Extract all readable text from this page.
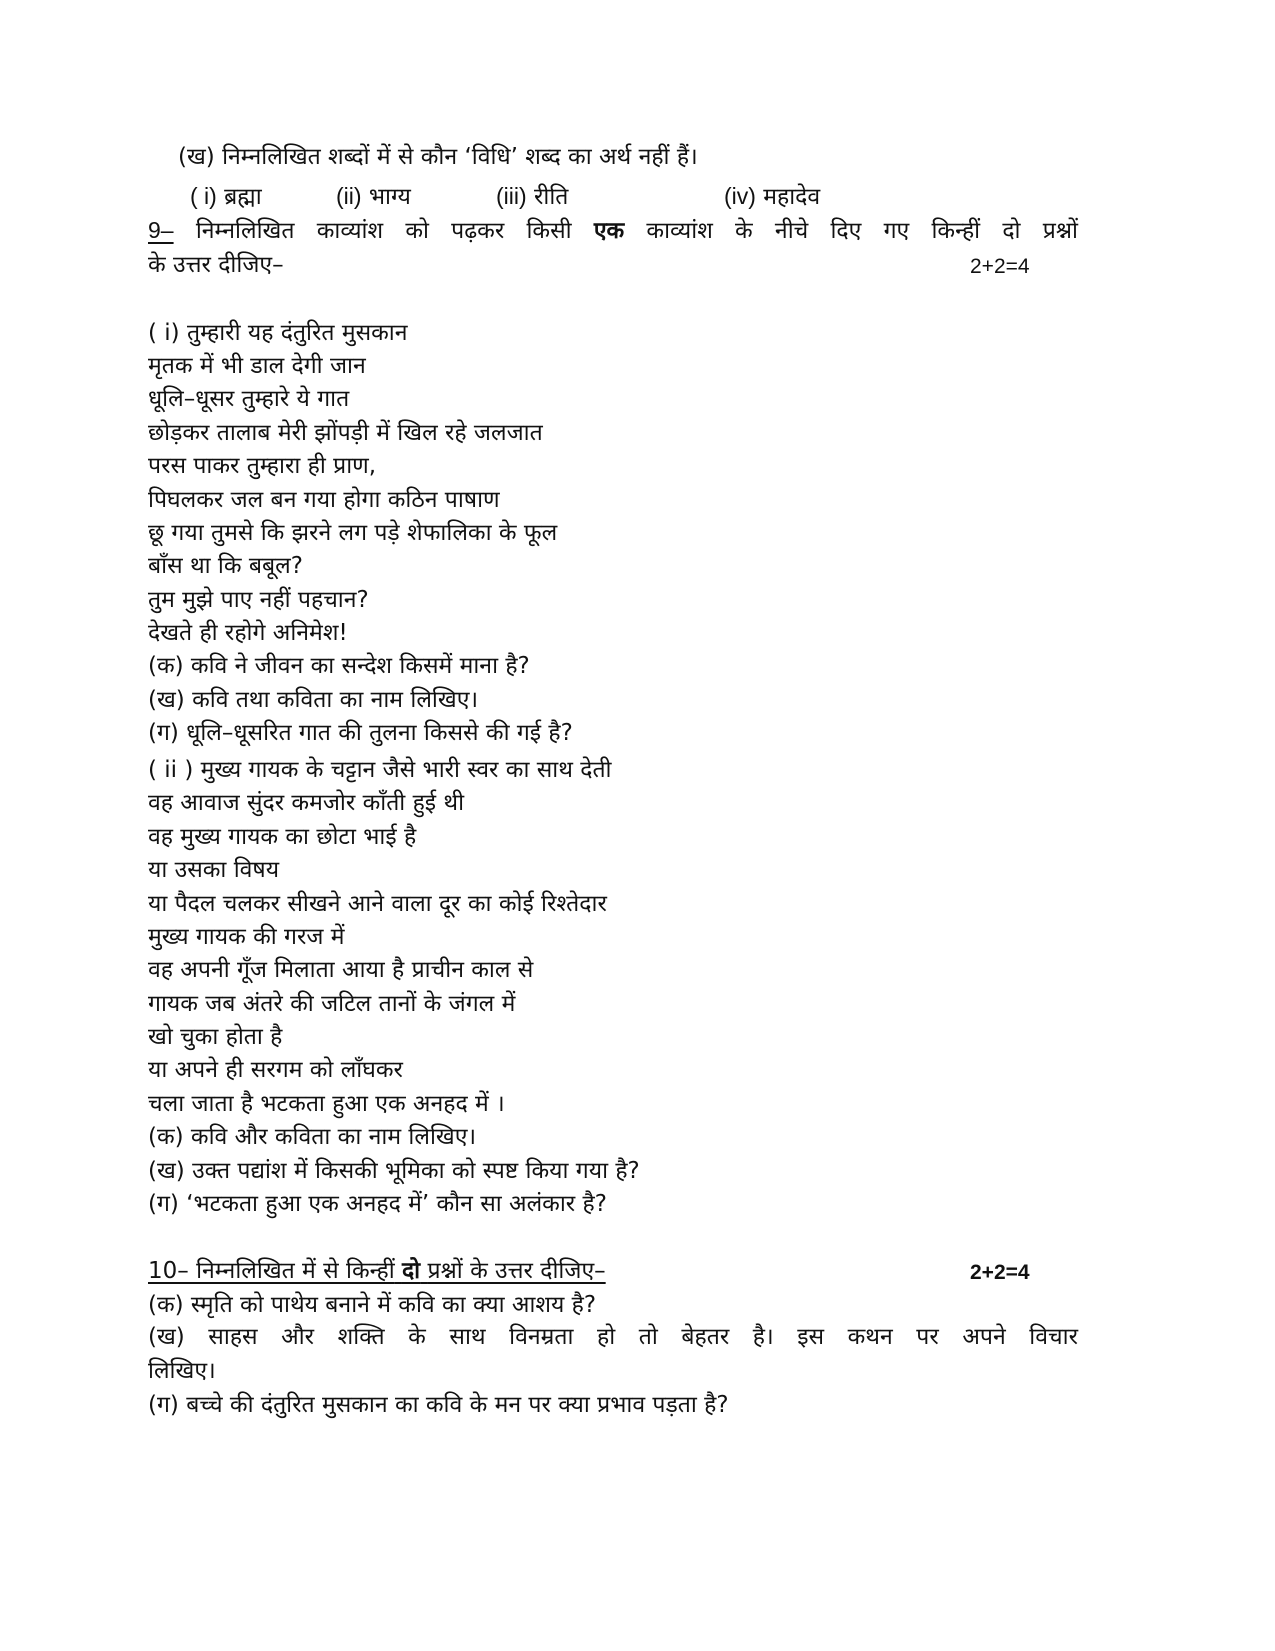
(ख) निम्नलिखित शब्दों में से कौन ‘विधि’ शब्द का अर्थ नहीं हैं।
( i) ब्रह्मा	(ii) भाग्य	(iii) रीति	(iv) महादेव
9– निम्नलिखित काव्यांश को पढ़कर किसी एक काव्यांश के नीचे दिए गए किन्हीं दो प्रश्नों
के उत्तर दीजिए–	2+2=4
( i) तुम्हारी यह दंतुरित मुसकान
मृतक में भी डाल देगी जान
धूलि–धूसर तुम्हारे ये गात
छोड़कर तालाब मेरी झोंपड़ी में खिल रहे जलजात
परस पाकर तुम्हारा ही प्राण,
पिघलकर जल बन गया होगा कठिन पाषाण
छू गया तुमसे कि झरने लग पड़े शेफालिका के फूल
बाँस था कि बबूल?
तुम मुझे पाए नहीं पहचान?
देखते ही रहोगे अनिमेश!
(क) कवि ने जीवन का सन्देश किसमें माना है?
(ख) कवि तथा कविता का नाम लिखिए।
(ग) धूलि–धूसरित गात की तुलना किससे की गई है?
( ii ) मुख्य गायक के चट्टान जैसे भारी स्वर का साथ देती
वह आवाज सुंदर कमजोर काँती हुई थी
वह मुख्य गायक का छोटा भाई है
या उसका विषय
या पैदल चलकर सीखने आने वाला दूर का कोई रिश्तेदार
मुख्य गायक की गरज में
वह अपनी गूँज मिलाता आया है प्राचीन काल से
गायक जब अंतरे की जटिल तानों के जंगल में
खो चुका होता है
या अपने ही सरगम को लाँघकर
चला जाता है भटकता हुआ एक अनहद में ।
(क) कवि और कविता का नाम लिखिए।
(ख) उक्त पद्यांश में किसकी भूमिका को स्पष्ट किया गया है?
(ग) ‘भटकता हुआ एक अनहद में’ कौन सा अलंकार है?
10– निम्नलिखित में से किन्हीं दो प्रश्नों के उत्तर दीजिए–	2+2=4
(क) स्मृति को पाथेय बनाने में कवि का क्या आशय है?
(ख) साहस और शक्ति के साथ विनम्रता हो तो बेहतर है। इस कथन पर अपने विचार
लिखिए।
(ग) बच्चे की दंतुरित मुसकान का कवि के मन पर क्या प्रभाव पड़ता है?
